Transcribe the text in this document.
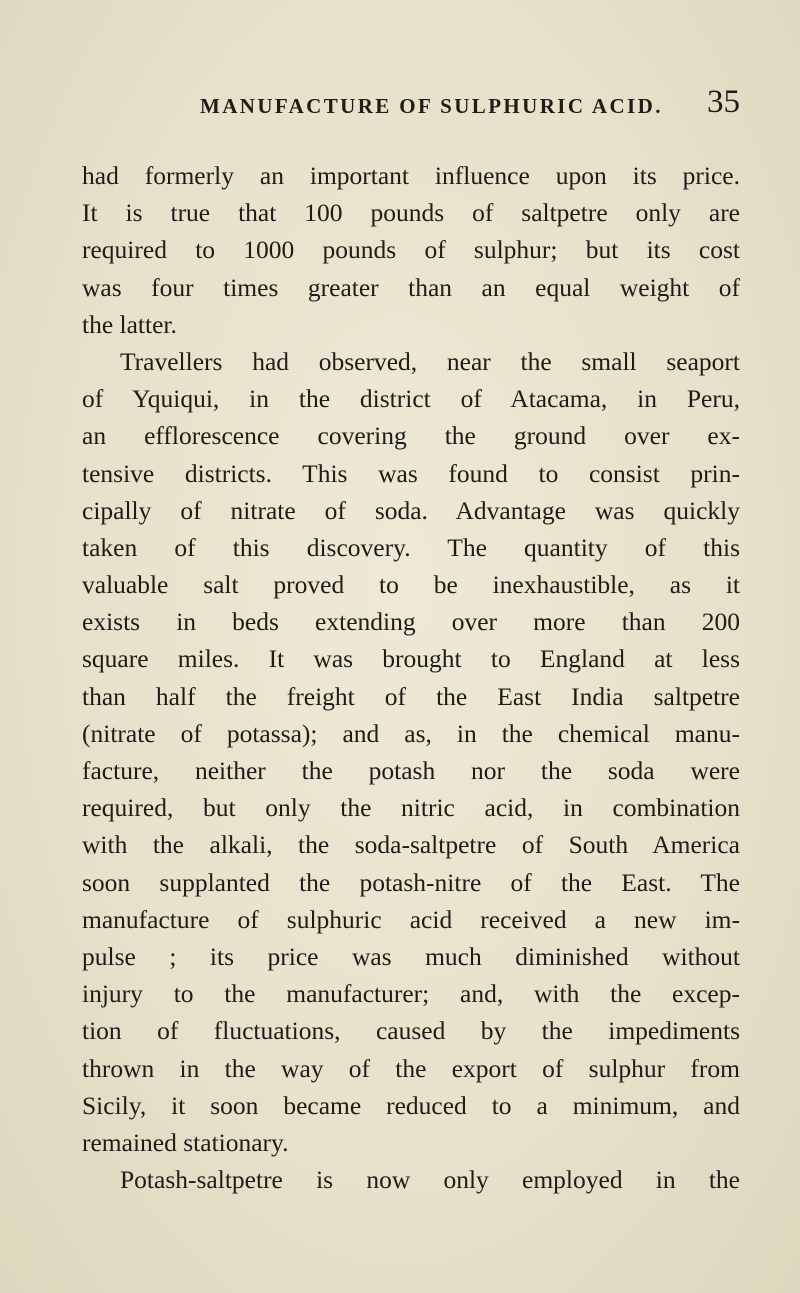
MANUFACTURE OF SULPHURIC ACID. 35
had formerly an important influence upon its price.
It is true that 100 pounds of saltpetre only are
required to 1000 pounds of sulphur; but its cost
was four times greater than an equal weight of
the latter.
Travellers had observed, near the small seaport
of Yquiqui, in the district of Atacama, in Peru,
an efflorescence covering the ground over ex-
tensive districts. This was found to consist prin-
cipally of nitrate of soda. Advantage was quickly
taken of this discovery. The quantity of this
valuable salt proved to be inexhaustible, as it
exists in beds extending over more than 200
square miles. It was brought to England at less
than half the freight of the East India saltpetre
(nitrate of potassa); and as, in the chemical manu-
facture, neither the potash nor the soda were
required, but only the nitric acid, in combination
with the alkali, the soda-saltpetre of South America
soon supplanted the potash-nitre of the East. The
manufacture of sulphuric acid received a new im-
pulse ; its price was much diminished without
injury to the manufacturer; and, with the excep-
tion of fluctuations, caused by the impediments
thrown in the way of the export of sulphur from
Sicily, it soon became reduced to a minimum, and
remained stationary.
Potash-saltpetre is now only employed in the
